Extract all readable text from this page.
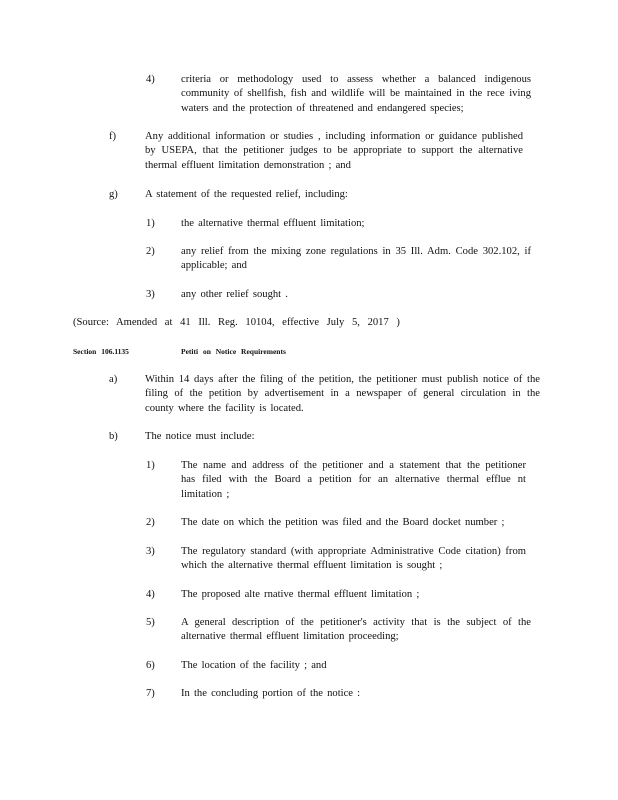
4) criteria or methodology used to assess whether a balanced indigenous community of shellfish, fish and wildlife will be maintained in the rece iving waters and the protection of threatened and endangered species;
f)	Any additional information or studies , including information or guidance published by USEPA, that the petitioner judges to be appropriate to support the alternative thermal effluent limitation demonstration ; and
g)	A statement of the requested relief, including:
1) the alternative thermal effluent limitation;
2) any relief from the mixing zone regulations in 35 Ill. Adm. Code 302.102, if applicable; and
3) any other relief sought .
(Source: Amended at 41 Ill. Reg. 10104, effective July 5, 2017 )
Section 106.1135	Petiti on Notice Requirements
a)	Within 14 days after the filing of the petition, the petitioner must publish notice of the filing of the petition by advertisement in a newspaper of general circulation in the county where the facility is located.
b)	The notice must include:
1) The name and address of the petitioner and a statement that the petitioner has filed with the Board a petition for an alternative thermal efflue nt limitation ;
2) The date on which the petition was filed and the Board docket number ;
3) The regulatory standard (with appropriate Administrative Code citation) from which the alternative thermal effluent limitation is sought ;
4) The proposed alte rnative thermal effluent limitation ;
5) A general description of the petitioner's activity that is the subject of the alternative thermal effluent limitation proceeding;
6) The location of the facility ; and
7) In the concluding portion of the notice :
